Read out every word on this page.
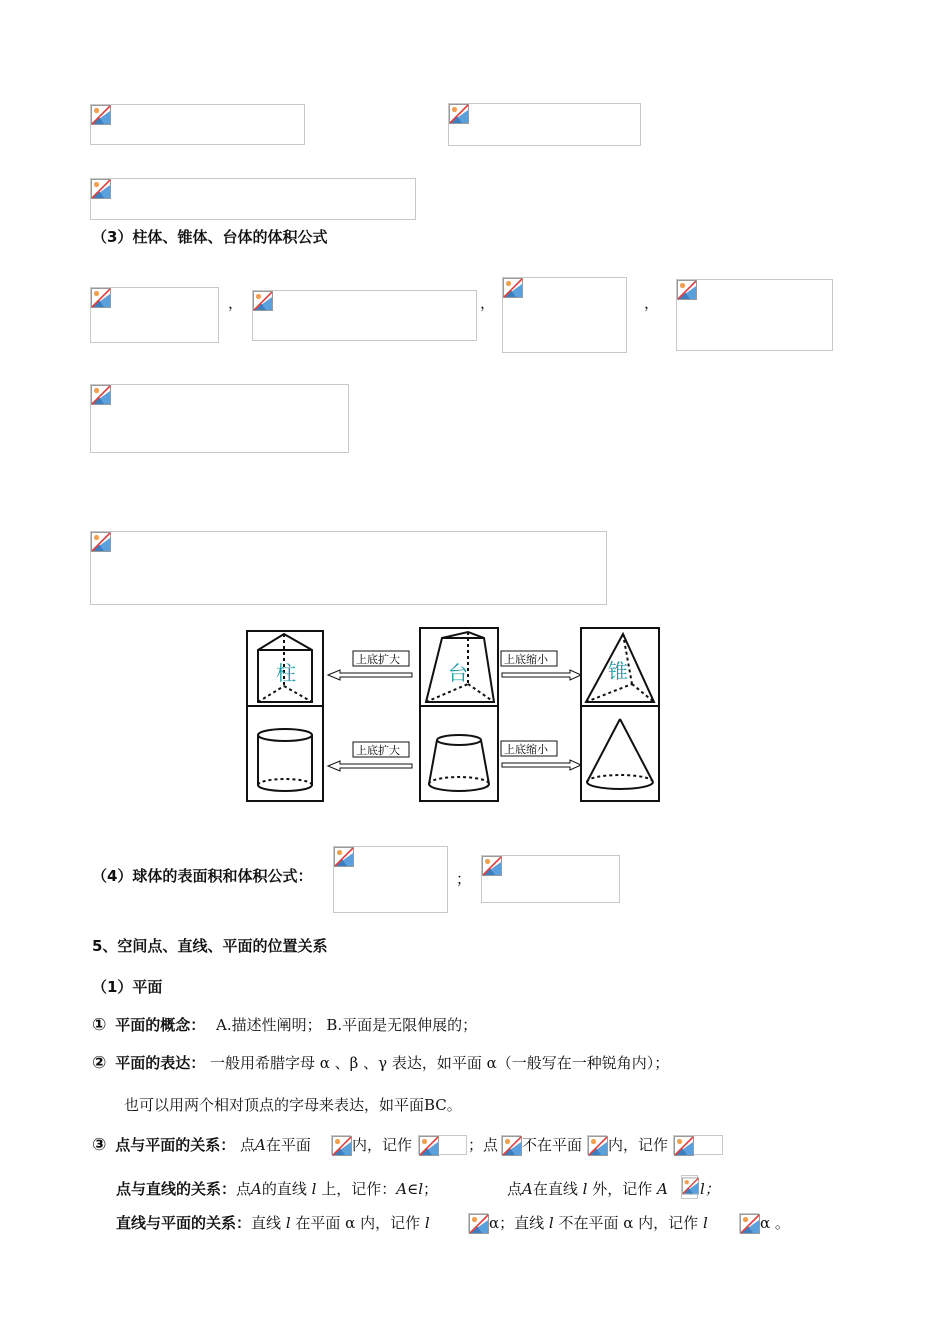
（3）柱体、锥体、台体的体积公式
，	，	，
柱
上底扩大
上底扩大
台
上底缩小
上底缩小
锥
（4）球体的表面积和体积公式：	；
5、空间点、直线、平面的位置关系
（1）平面
① 平面的概念： A.描述性阐明； B.平面是无限伸展的；
② 平面的表达： 一般用希腊字母 α 、β 、γ 表达，如平面 α（一般写在一种锐角内）；
也可以用两个相对顶点的字母来表达，如平面BC。
③ 点与平面的关系： 点A在平面	内，记作	；点 不在平面 内，记作
点与直线的关系：点A的直线 l 上，记作：A∈l；	点A在直线 l 外，记作 A l；
直线与平面的关系：直线 l 在平面 α 内，记作 l	α；直线 l 不在平面 α 内，记作 l	α 。
